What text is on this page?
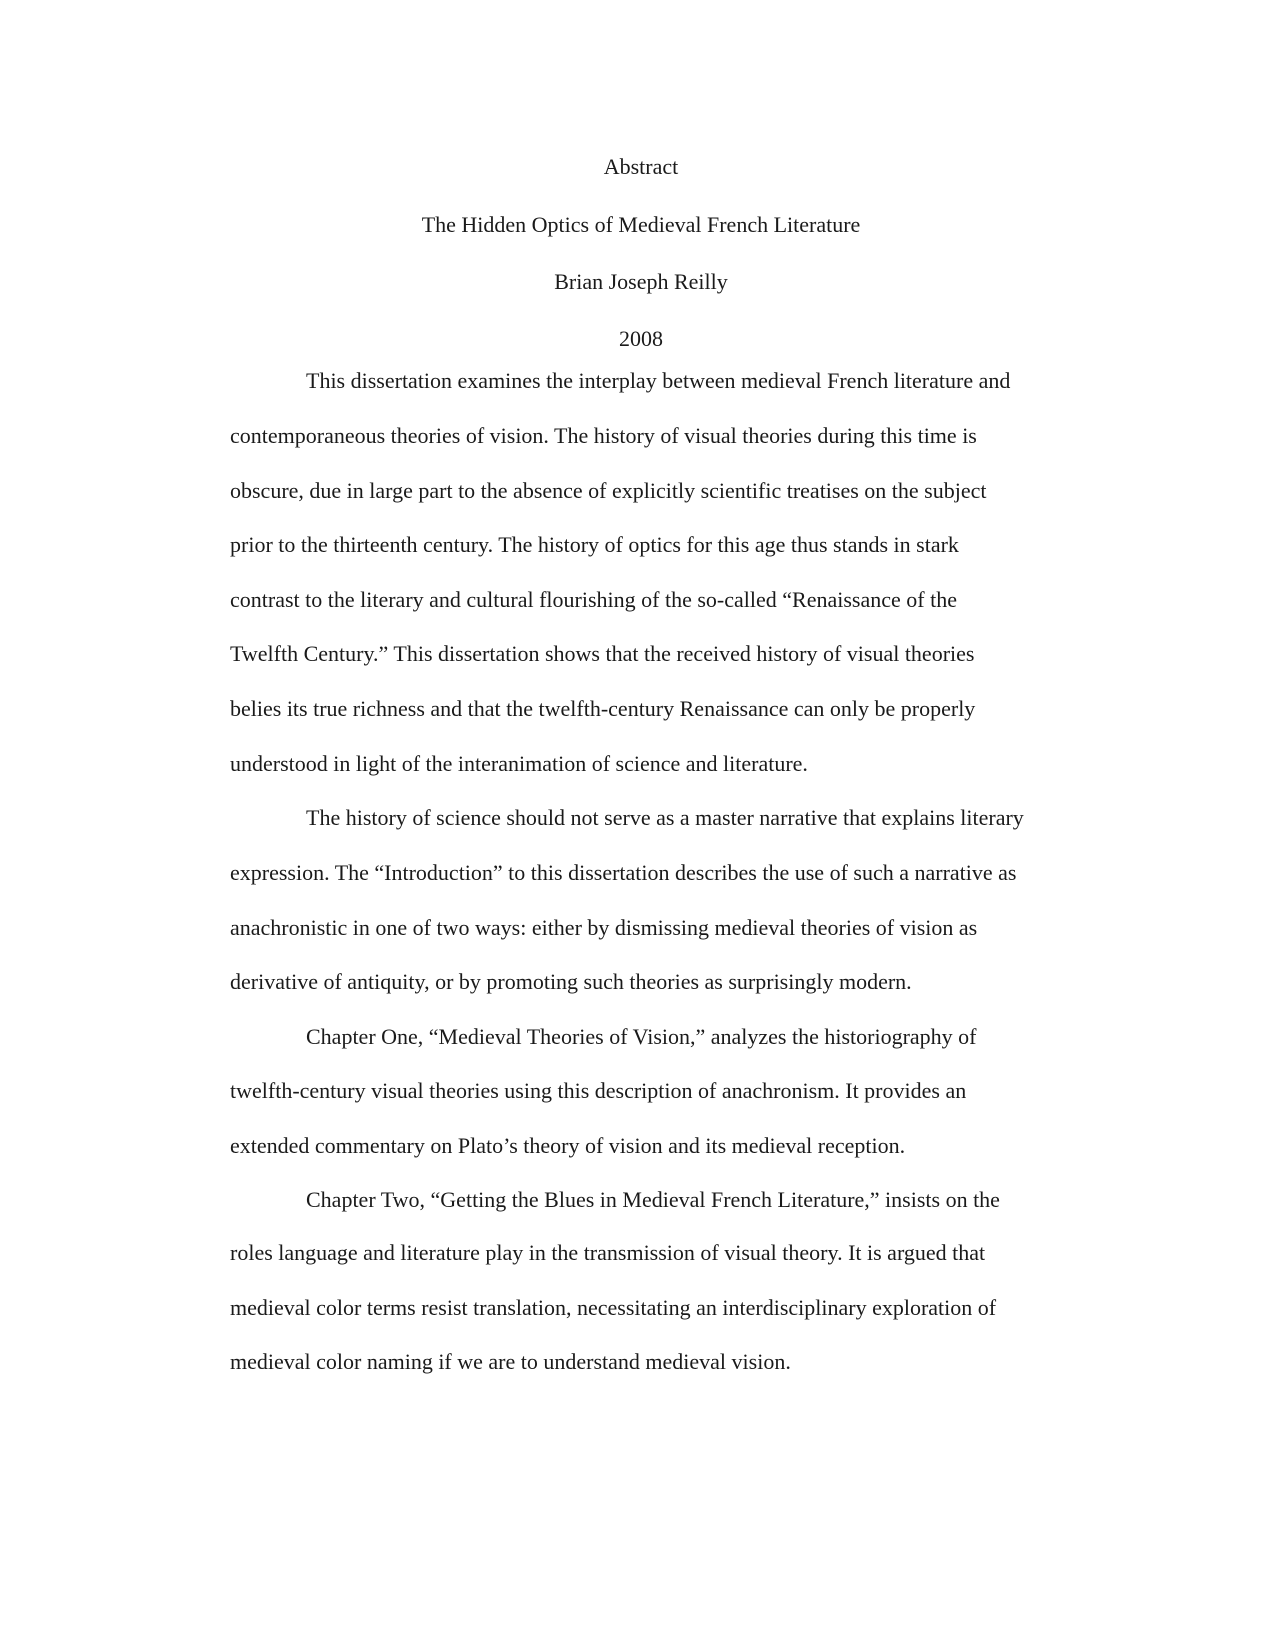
Abstract
The Hidden Optics of Medieval French Literature
Brian Joseph Reilly
2008
This dissertation examines the interplay between medieval French literature and
contemporaneous theories of vision. The history of visual theories during this time is
obscure, due in large part to the absence of explicitly scientific treatises on the subject
prior to the thirteenth century. The history of optics for this age thus stands in stark
contrast to the literary and cultural flourishing of the so-called “Renaissance of the
Twelfth Century.” This dissertation shows that the received history of visual theories
belies its true richness and that the twelfth-century Renaissance can only be properly
understood in light of the interanimation of science and literature.
The history of science should not serve as a master narrative that explains literary
expression. The “Introduction” to this dissertation describes the use of such a narrative as
anachronistic in one of two ways: either by dismissing medieval theories of vision as
derivative of antiquity, or by promoting such theories as surprisingly modern.
Chapter One, “Medieval Theories of Vision,” analyzes the historiography of
twelfth-century visual theories using this description of anachronism. It provides an
extended commentary on Plato’s theory of vision and its medieval reception.
Chapter Two, “Getting the Blues in Medieval French Literature,” insists on the
roles language and literature play in the transmission of visual theory. It is argued that
medieval color terms resist translation, necessitating an interdisciplinary exploration of
medieval color naming if we are to understand medieval vision.
